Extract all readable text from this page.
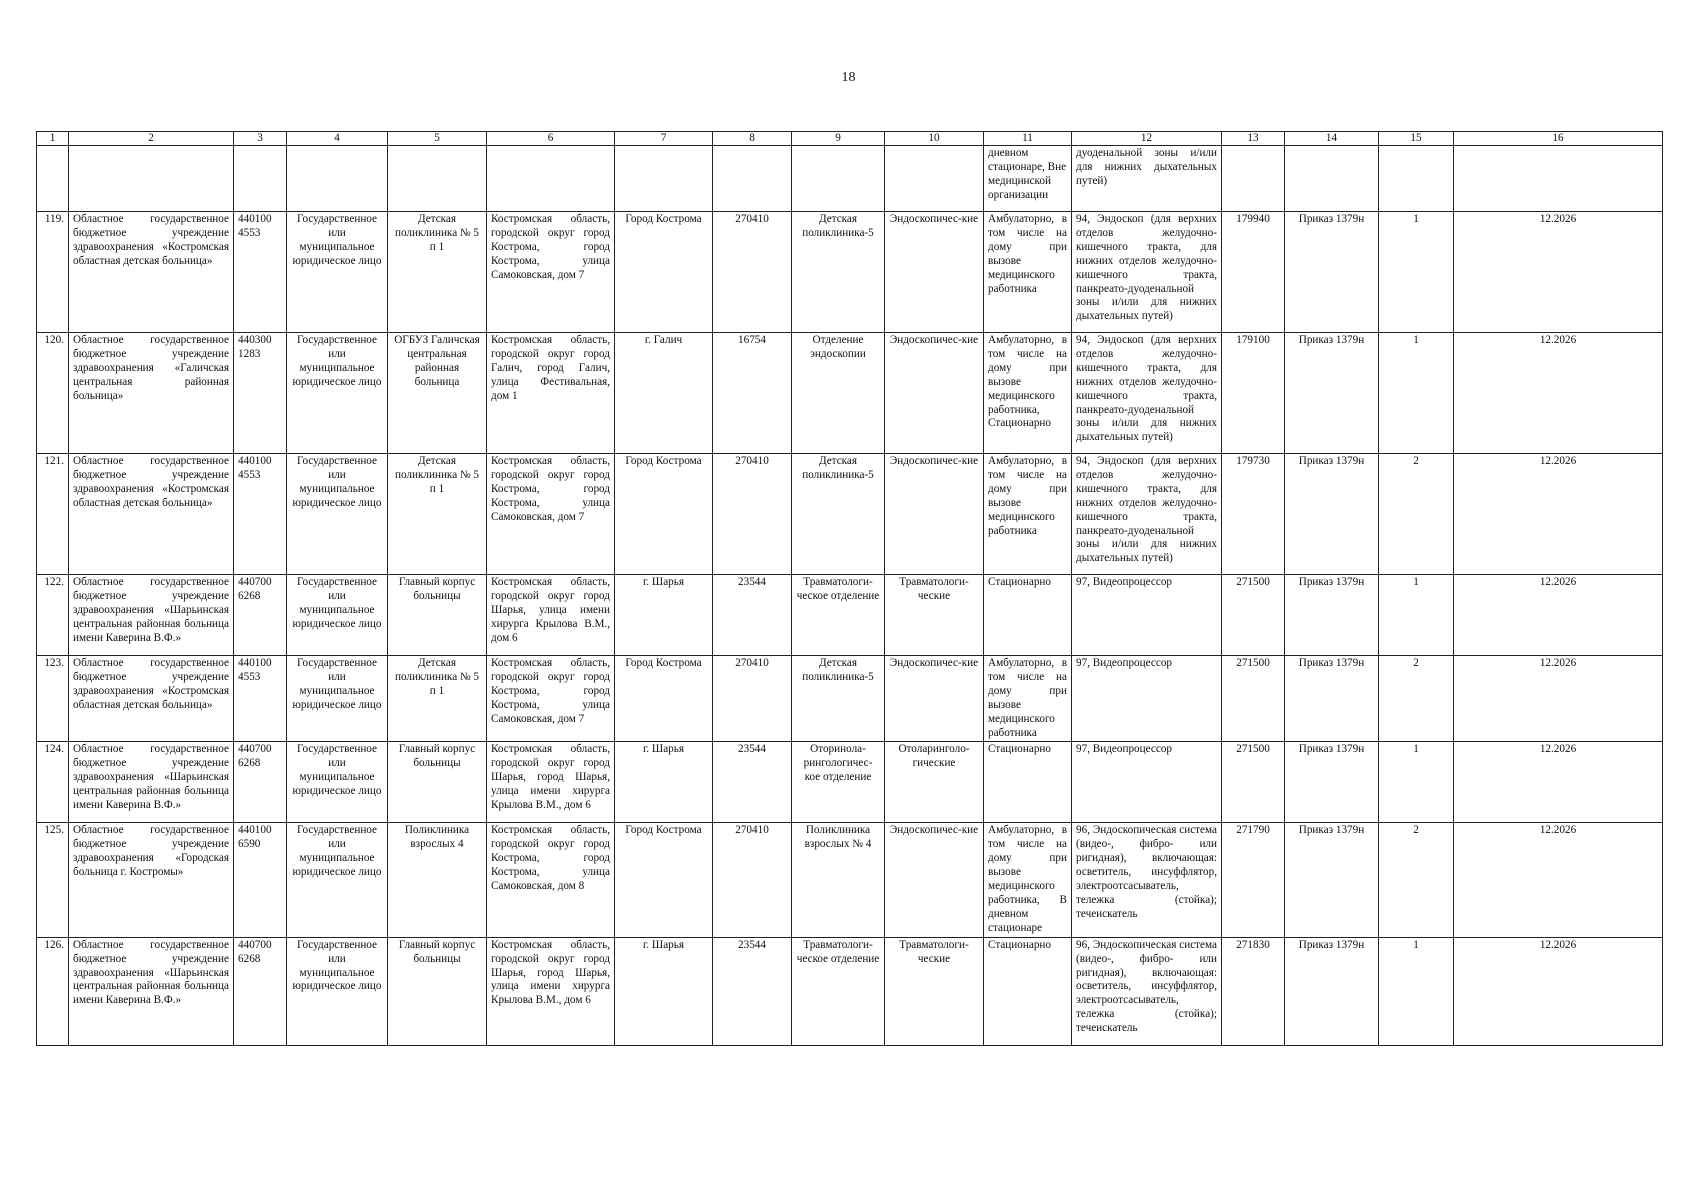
18
1	2	3	4	5	6	7	8	9	10	11	12	13	14	15	16
										дневном стационаре, Вне медицинской организации	дуоденальной зоны и/или для нижних дыхательных путей)				
119.	Областное государственное бюджетное учреждение здравоохранения «Костромская областная детская больница»	440100 4553	Государственное или муниципальное юридическое лицо	Детская поликлиника № 5 п 1	Костромская область, городской округ город Кострома, город Кострома, улица Самоковская, дом 7	Город Кострома	270410	Детская поликлиника-5	Эндоскопичес-кие	Амбулаторно, в том числе на дому при вызове медицинского работника	94, Эндоскоп (для верхних отделов желудочно-кишечного тракта, для нижних отделов желудочно-кишечного тракта, панкреато-дуоденальной зоны и/или для нижних дыхательных путей)	179940	Приказ 1379н	1	12.2026
120.	Областное государственное бюджетное учреждение здравоохранения «Галичская центральная районная больница»	440300 1283	Государственное или муниципальное юридическое лицо	ОГБУЗ Галичская центральная районная больница	Костромская область, городской округ город Галич, город Галич, улица Фестивальная, дом 1	г. Галич	16754	Отделение эндоскопии	Эндоскопичес-кие	Амбулаторно, в том числе на дому при вызове медицинского работника, Стационарно	94, Эндоскоп (для верхних отделов желудочно-кишечного тракта, для нижних отделов желудочно-кишечного тракта, панкреато-дуоденальной зоны и/или для нижних дыхательных путей)	179100	Приказ 1379н	1	12.2026
121.	Областное государственное бюджетное учреждение здравоохранения «Костромская областная детская больница»	440100 4553	Государственное или муниципальное юридическое лицо	Детская поликлиника № 5 п 1	Костромская область, городской округ город Кострома, город Кострома, улица Самоковская, дом 7	Город Кострома	270410	Детская поликлиника-5	Эндоскопичес-кие	Амбулаторно, в том числе на дому при вызове медицинского работника	94, Эндоскоп (для верхних отделов желудочно-кишечного тракта, для нижних отделов желудочно-кишечного тракта, панкреато-дуоденальной зоны и/или для нижних дыхательных путей)	179730	Приказ 1379н	2	12.2026
122.	Областное государственное бюджетное учреждение здравоохранения «Шарьинская центральная районная больница имени Каверина В.Ф.»	440700 6268	Государственное или муниципальное юридическое лицо	Главный корпус больницы	Костромская область, городской округ город Шарья, улица имени хирурга Крылова В.М., дом 6	г. Шарья	23544	Травматологи-ческое отделение	Травматологи-ческие	Стационарно	97, Видеопроцессор	271500	Приказ 1379н	1	12.2026
123.	Областное государственное бюджетное учреждение здравоохранения «Костромская областная детская больница»	440100 4553	Государственное или муниципальное юридическое лицо	Детская поликлиника № 5 п 1	Костромская область, городской округ город Кострома, город Кострома, улица Самоковская, дом 7	Город Кострома	270410	Детская поликлиника-5	Эндоскопичес-кие	Амбулаторно, в том числе на дому при вызове медицинского работника	97, Видеопроцессор	271500	Приказ 1379н	2	12.2026
124.	Областное государственное бюджетное учреждение здравоохранения «Шарьинская центральная районная больница имени Каверина В.Ф.»	440700 6268	Государственное или муниципальное юридическое лицо	Главный корпус больницы	Костромская область, городской округ город Шарья, город Шарья, улица имени хирурга Крылова В.М., дом 6	г. Шарья	23544	Оторинола-рингологичес-кое отделение	Отоларинголо-гические	Стационарно	97, Видеопроцессор	271500	Приказ 1379н	1	12.2026
125.	Областное государственное бюджетное учреждение здравоохранения «Городская больница г. Костромы»	440100 6590	Государственное или муниципальное юридическое лицо	Поликлиника взрослых 4	Костромская область, городской округ город Кострома, город Кострома, улица Самоковская, дом 8	Город Кострома	270410	Поликлиника взрослых № 4	Эндоскопичес-кие	Амбулаторно, в том числе на дому при вызове медицинского работника, В дневном стационаре	96, Эндоскопическая система (видео-, фибро- или ригидная), включающая: осветитель, инсуффлятор, электроотсасыватель, тележка (стойка); течеискатель	271790	Приказ 1379н	2	12.2026
126.	Областное государственное бюджетное учреждение здравоохранения «Шарьинская центральная районная больница имени Каверина В.Ф.»	440700 6268	Государственное или муниципальное юридическое лицо	Главный корпус больницы	Костромская область, городской округ город Шарья, город Шарья, улица имени хирурга Крылова В.М., дом 6	г. Шарья	23544	Травматологи-ческое отделение	Травматологи-ческие	Стационарно	96, Эндоскопическая система (видео-, фибро- или ригидная), включающая: осветитель, инсуффлятор, электроотсасыватель, тележка (стойка); течеискатель	271830	Приказ 1379н	1	12.2026
